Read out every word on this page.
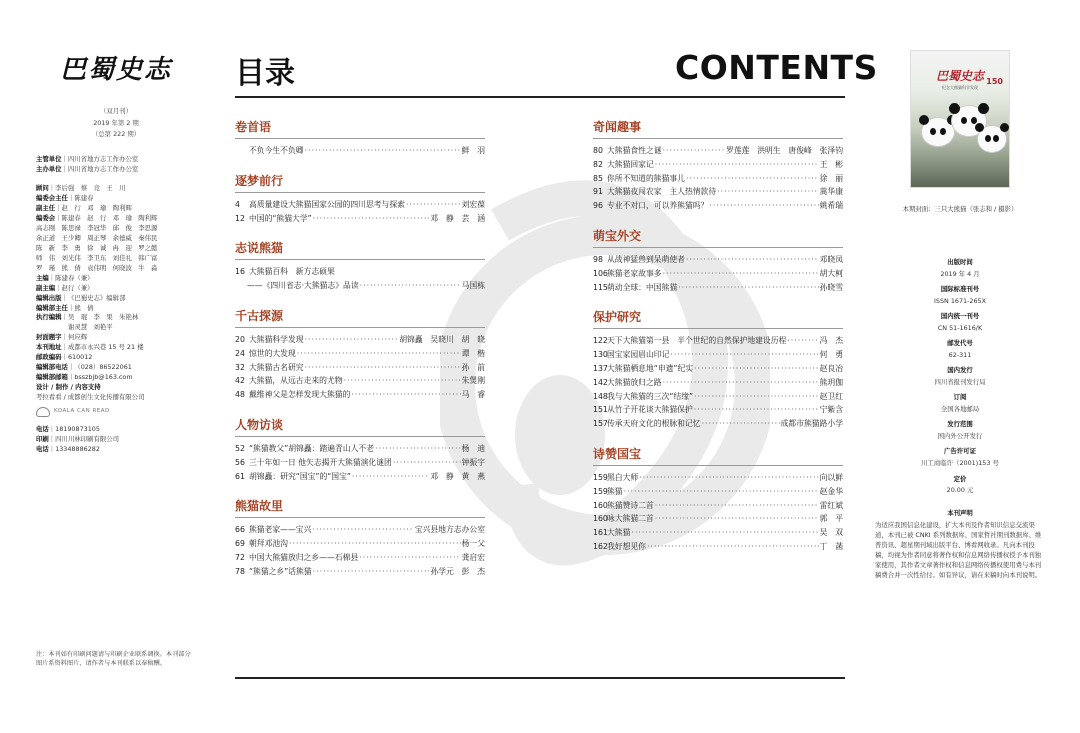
巴蜀史志
（双月刊）
2019 年第 2 期
（总第 222 期）
主管单位｜四川省地方志工作办公室
主办单位｜四川省地方志工作办公室
顾问｜李后强　蔡　竞　王　川
编委会主任｜陈建春
副主任｜赵　行　邓　瑜　陶利辉
编委会｜陈建春　赵　行　邓　瑜　陶利辉
高志刚　陈思禄　李冠华　邱　俊　李思源
余正道　王少卿　周正琴　余德威　秦伟民
陈　新　李　勇　徐　诚　冉　迎　罗之懿
师　伟　刘光伟　李卫东　刘佳礼　韩广富
罗　瑾　熊　倩　袁伟明　何晓波　牛　淼
主编｜陈建春（兼）
副主编｜赵行（兼）
编辑出版｜《巴蜀史志》编辑部
编辑部主任｜熊　倩
执行编辑｜吴　琨　李　果　朱艳林
　　　　　谢灵慧　刘艳平
封面题字｜何应辉
本刊地址｜成都市永兴巷 15 号 21 楼
邮政编码｜610012
编辑部电话｜（028）86522061
编辑部邮箱｜bsszbjb@163.com
设计 / 制作 / 内容支持
考拉看看 / 成都创生文化传播有限公司
KOALA CAN READ
电话｜18190873105
印刷｜四川川林印刷有限公司
电话｜13348886282
注：本刊如有印刷问题请与印刷企业联系调换。本刊部分图片系资料图片，请作者与本刊联系以奉稿酬。
目录	CONTENTS
卷首语
不负今生不负卿 ·····	鲜　羽
逐梦前行
4	高质量建设大熊猫国家公园的四川思考与探索 ·····	刘宏葆
12 中国的“熊猫大学” ·····	邓　静　芸　涵
志说熊猫
16 大熊猫百科　新方志硕果
——《四川省志·大熊猫志》品读 ·····	马国栋
千古探源
20 大熊猫科学发现 ·····	胡锦矗　吴晓川　胡　晓
24 惊世的大发现 ·····	谭　楷
32 大熊猫古名研究 ·····	孙　前
42 大熊猫，从远古走来的尤物 ·····	朱煲刚
48 戴维神父是怎样发现大熊猫的 ·····	马　睿
人物访谈
52 “熊猫教父”胡锦矗：踏遍青山人不老 ·····	杨　迪
56 三十年如一日 他矢志揭开大熊猫演化谜团 ·····	钟振宇
61 胡锦矗：研究“国宝”的“国宝” ·····	邓　静　黄　燕
熊猫故里
66 熊猫老家——宝兴 ·····	宝兴县地方志办公室
69 朝拜邓池沟 ·····	杨一父
72 中国大熊猫放归之乡——石棉县 ·····	龚启宏
78 “熊猫之乡”话熊猫 ·····	孙学元　彭　杰
奇闻趣事
80 大熊猫食性之谜 ·····	罗莲莲　洪明生　唐俊峰　张泽钧
82 大熊猫回家记 ·····	王　彬
85 你所不知道的熊猫事儿 ·····	徐　丽
91 大熊猫夜闯农家　主人热情款待 ·····	蒿华康
96 专业不对口，可以养熊猫吗？ ·····	姚希瑞
萌宝外交
98 从战神猛兽到呆萌使者 ·····	邓晓凤
106 熊猫老家故事多 ·····	胡大柯
115 萌动全球：中国熊猫 ·····	孙晓雪
保护研究
122 天下大熊猫第一县　半个世纪的自然保护地建设历程 ·····	冯　杰
130 国宝家园眉山印记 ·····	何　勇
137 大熊猫栖息地“申遗”纪实 ·····	赵良冶
142 大熊猫放归之路 ·····	熊玥伽
148 我与大熊猫的三次“结缘” ·····	赵卫红
151 从竹子开花谈大熊猫保护 ·····	宁紫含
157 传承天府文化的根脉和记忆 ·····	成都市熊猫路小学
诗赞国宝
159 黑白大师 ·····	向以鲜
159 熊猫 ·····	赵金华
160 熊猫赞诗二首 ·····	雷红斌
160 咏大熊猫二首 ·····	郭　平
161 大熊猫 ·····	吴　双
162 我好想见你 ·····	丁　菡
巴蜀史志
纪念大熊猫科学发现
150
本期封面：三只大熊猫（张志和 / 摄影）
出版时间
2019 年 4 月
国际标准刊号
ISSN 1671-265X
国内统一刊号
CN 51-1616/K
邮发代号
62-311
国内发行
四川省报刊发行局
订阅
全国各地邮局
发行范围
国内外公开发行
广告许可证
川工商临许（2001)153 号
定价
20.00 元
本刊声明
为适应我国信息化建设，扩大本刊及作者知识信息交流渠道，本刊已被 CNKI 系列数据库、国家哲社期刊数据库、维普资讯、超星期刊域出版平台、博看网收录。凡向本刊投稿，均视为作者同意将著作权和信息网络传播权授予本刊独家使用，其作者文章著作权和信息网络传播权使用费与本刊稿费合并一次性给付。如有异议，请在来稿时向本刊说明。
